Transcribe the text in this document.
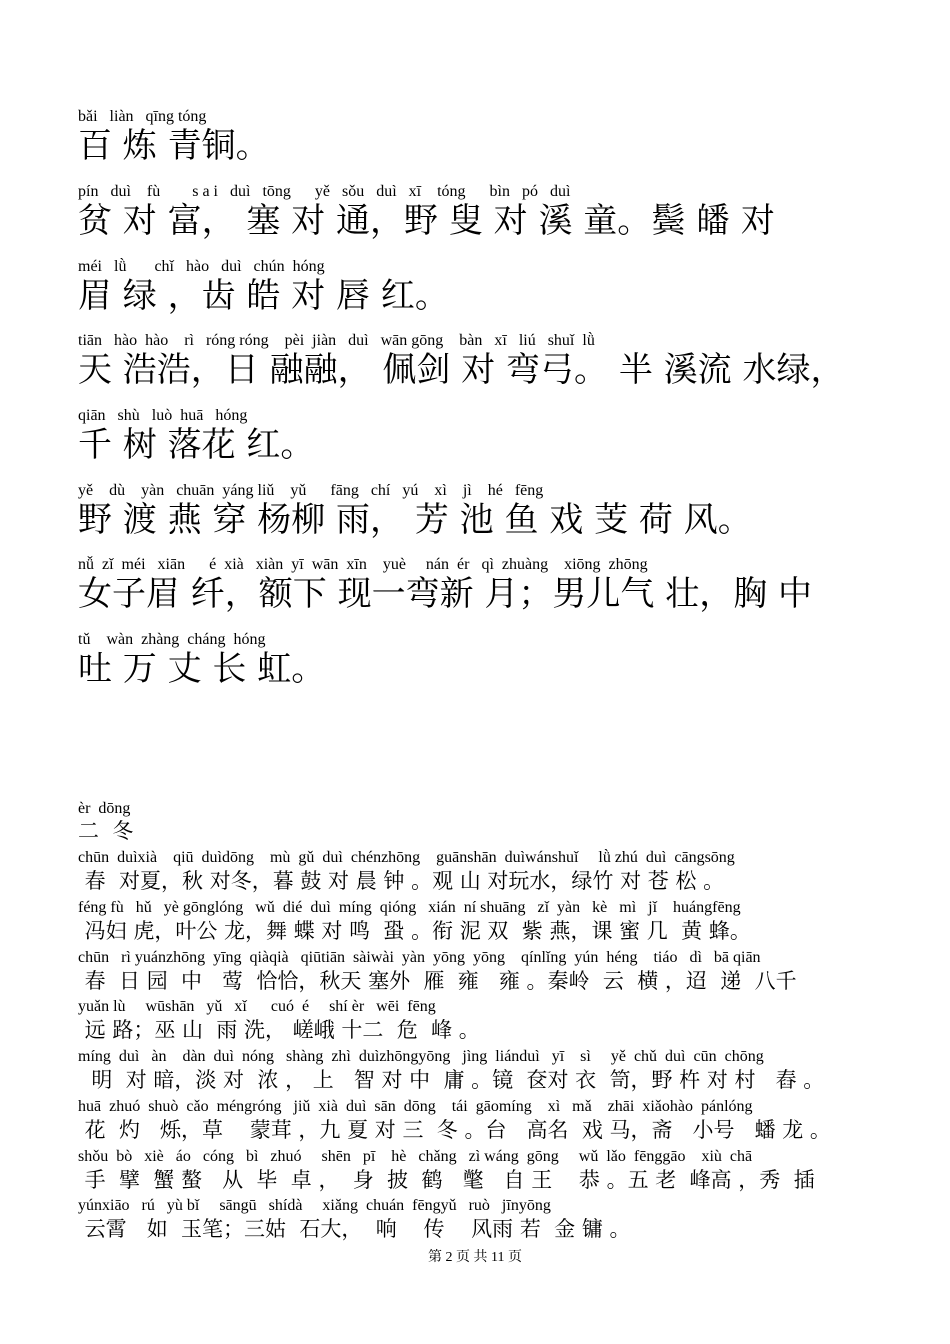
bǎi   liàn   qīng tóng
百 炼 青铜。
pín   duì    fù        s a i   duì   tōng      yě   sǒu   duì   xī    tóng      bìn   pó   duì
贫 对 富， 塞 对 通，野 叟 对 溪 童。鬓 皤 对
méi   lǜ       chǐ   hào   duì   chún  hóng
眉 绿 ，齿 皓 对 唇 红。
tiān   hào  hào    rì   róng róng    pèi  jiàn   duì   wān gōng    bàn   xī   liú   shuǐ  lǜ
天 浩浩，日 融融， 佩剑 对 弯弓。 半 溪流 水绿，
qiān   shù   luò  huā   hóng
千 树 落花 红。
yě    dù    yàn   chuān  yáng liǔ    yǔ      fāng   chí   yú    xì    jì    hé   fēng
野 渡 燕 穿 杨柳 雨， 芳 池 鱼 戏 芰 荷 风。
nǚ  zǐ  méi   xiān      é  xià   xiàn  yī  wān  xīn    yuè     nán  ér   qì  zhuàng    xiōng  zhōng
女子眉 纤，额下 现一弯新 月；男儿气 壮，胸 中
tǔ    wàn  zhàng  cháng  hóng
吐 万 丈 长 虹。
èr  dōng
二  冬
chūn  duìxià    qiū  duìdōng    mù  gǔ  duì  chénzhōng    guānshān  duìwánshuǐ     lǜ zhú  duì  cāngsōng
春  对夏，秋 对冬，暮 鼓 对 晨 钟 。观 山 对玩水，绿竹 对 苍 松 。
féng fù   hǔ   yè gōnglóng   wǔ  dié  duì  míng  qióng   xián  ní shuāng   zǐ  yàn   kè   mì   jǐ    huángfēng
冯妇 虎，叶公 龙，舞 蝶 对 鸣  蛩 。衔 泥 双  紫 燕，课 蜜 几  黄 蜂。
chūn   rì yuánzhōng  yīng  qiàqià   qiūtiān  sàiwài  yàn  yōng  yōng    qínlǐng  yún  héng    tiáo   dì   bā qiān
春  日 园  中   莺  恰恰，秋天 塞外  雁  雍   雍 。秦岭  云  横 ，迢  递  八千
yuǎn lù     wūshān   yǔ   xǐ      cuó  é     shí èr   wēi  fēng
远 路；巫 山  雨 洗， 嵯峨 十二  危  峰 。
míng  duì   àn    dàn  duì  nóng   shàng  zhì  duìzhōngyōng   jìng  liánduì   yī    sì     yě  chǔ  duì  cūn  chōng
明  对 暗，淡 对  浓 ， 上   智 对 中  庸 。镜  奁对 衣  笥，野 杵 对 村   舂 。
huā  zhuó  shuò  cǎo  méngróng   jiǔ  xià  duì  sān  dōng    tái  gāomíng    xì   mǎ    zhāi  xiǎohào  pánlóng
花  灼   烁，草    蒙茸 ，九 夏 对 三  冬 。台   高名  戏 马，斋   小号   蟠 龙 。
shǒu  bò   xiè   áo   cóng   bì   zhuó     shēn   pī    hè   chǎng   zì wáng  gōng     wǔ  lǎo  fēnggāo    xiù  chā
手  擘  蟹 螯   从  毕  卓 ，  身  披  鹤   氅   自 王    恭 。五 老  峰高 ，秀  插
yúnxiāo   rú   yù bǐ     sāngū   shídà     xiǎng  chuán  fēngyǔ   ruò   jīnyōng
云霄   如  玉笔；三姑  石大，  响    传    风雨 若  金 镛 。
第 2 页 共 11 页
